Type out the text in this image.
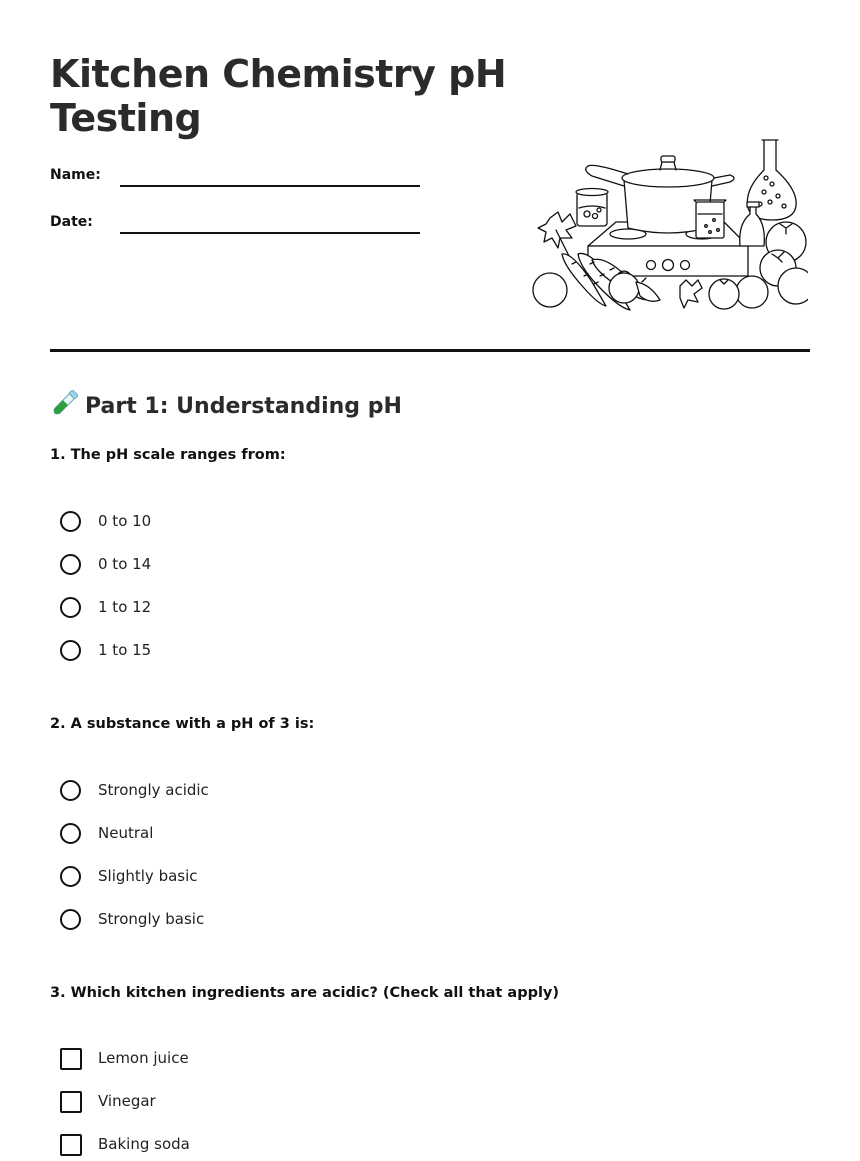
Kitchen Chemistry pH Testing
Name:
Date:
Part 1: Understanding pH

1. The pH scale ranges from:

0 to 10
0 to 14
1 to 12
1 to 15

2. A substance with a pH of 3 is:

Strongly acidic
Neutral
Slightly basic
Strongly basic

3. Which kitchen ingredients are acidic? (Check all that apply)

Lemon juice
Vinegar
Baking soda
